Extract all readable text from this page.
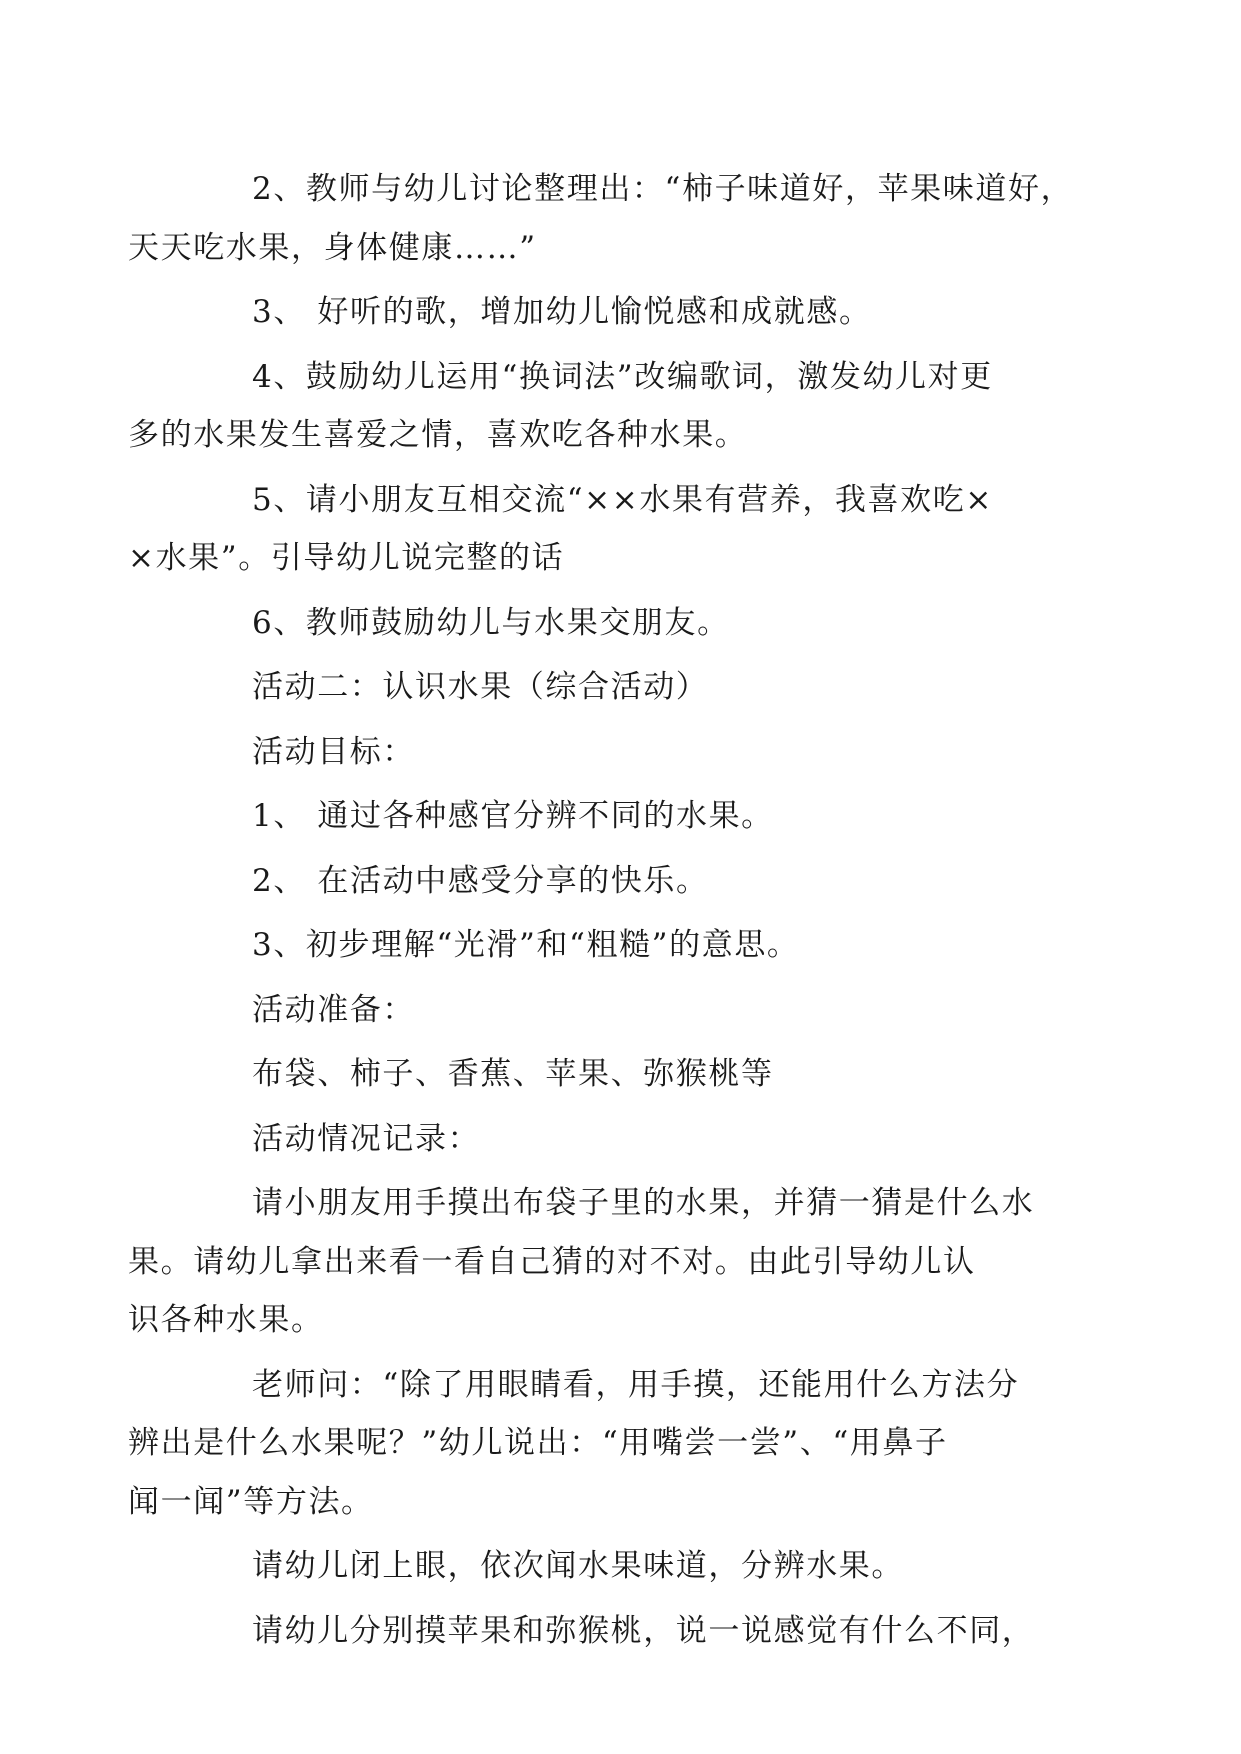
2、教师与幼儿讨论整理出：“柿子味道好，苹果味道好，
天天吃水果，身体健康……”

3、 好听的歌，增加幼儿愉悦感和成就感。

4、鼓励幼儿运用“换词法”改编歌词，激发幼儿对更
多的水果发生喜爱之情，喜欢吃各种水果。

5、请小朋友互相交流“××水果有营养，我喜欢吃×
×水果”。引导幼儿说完整的话

6、教师鼓励幼儿与水果交朋友。

活动二：认识水果（综合活动）

活动目标：

1、 通过各种感官分辨不同的水果。

2、 在活动中感受分享的快乐。

3、初步理解“光滑”和“粗糙”的意思。

活动准备：

布袋、柿子、香蕉、苹果、弥猴桃等

活动情况记录：

请小朋友用手摸出布袋子里的水果，并猜一猜是什么水
果。请幼儿拿出来看一看自己猜的对不对。由此引导幼儿认
识各种水果。

老师问：“除了用眼睛看，用手摸，还能用什么方法分
辨出是什么水果呢？”幼儿说出：“用嘴尝一尝”、“用鼻子
闻一闻”等方法。

请幼儿闭上眼，依次闻水果味道，分辨水果。

请幼儿分别摸苹果和弥猴桃，说一说感觉有什么不同，
